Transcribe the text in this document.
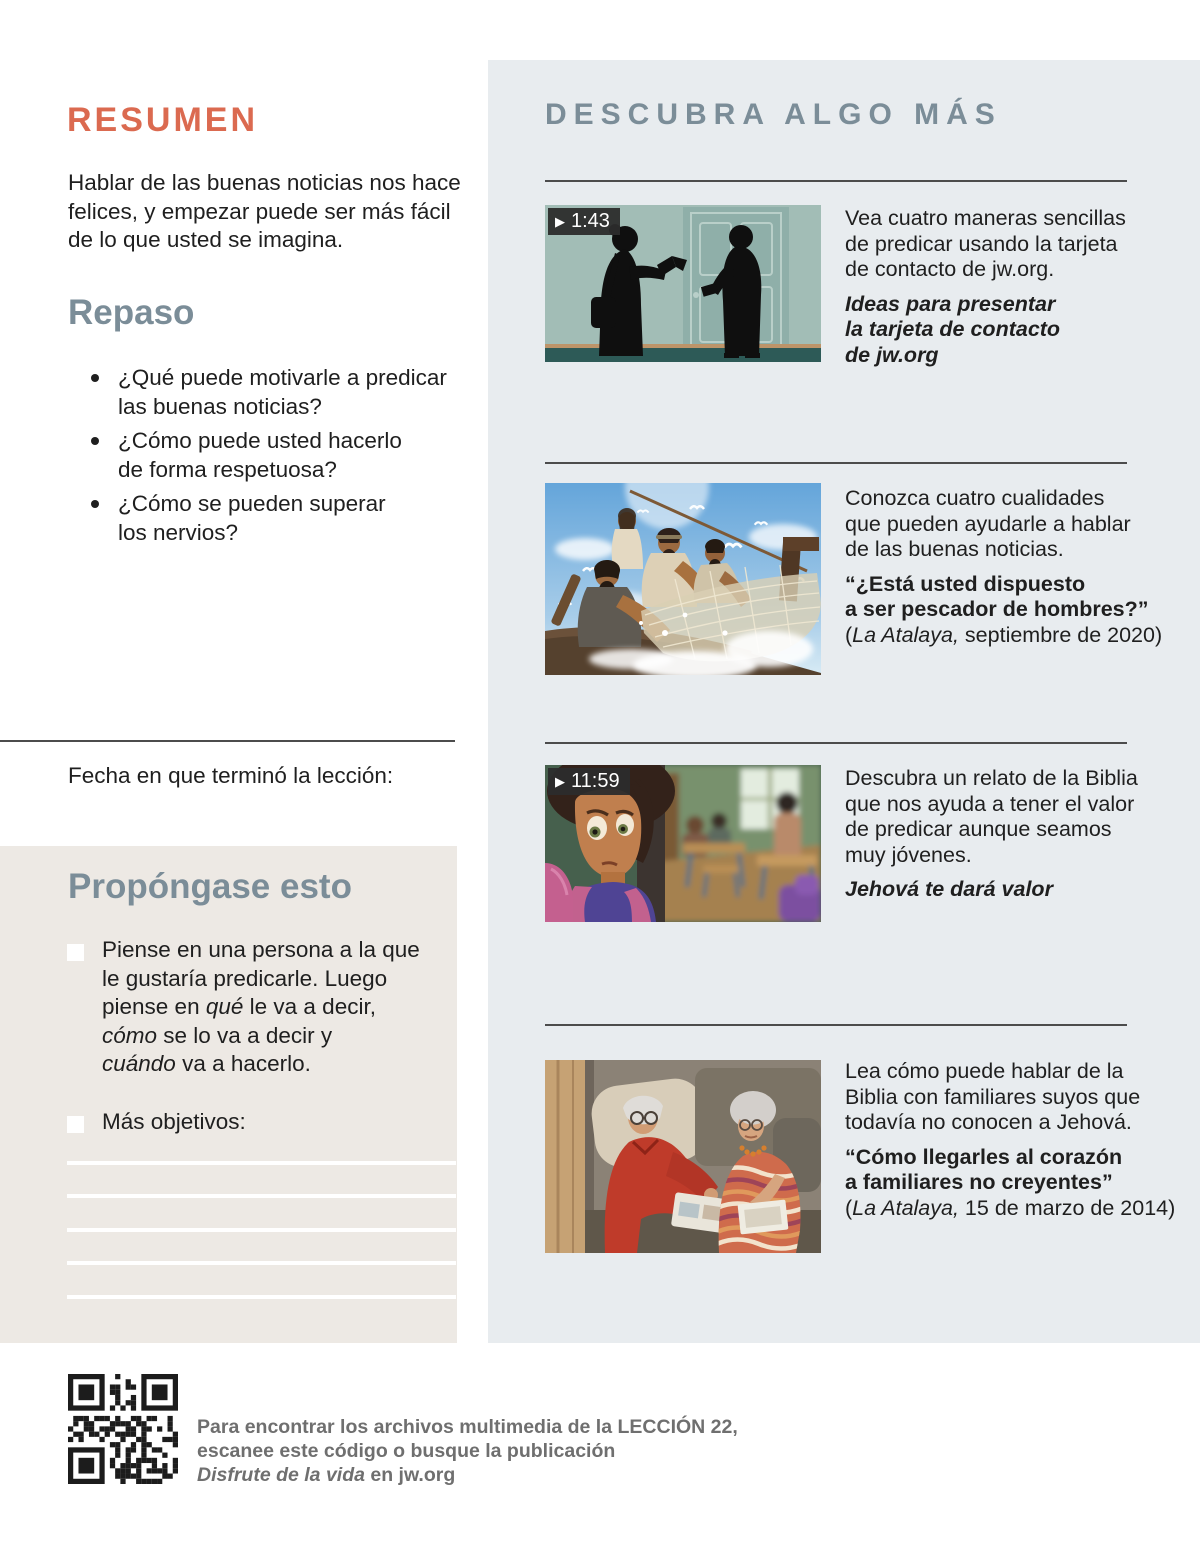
RESUMEN

Hablar de las buenas noticias nos hace
felices, y empezar puede ser más fácil
de lo que usted se imagina.

Repaso
¿Qué puede motivarle a predicar
las buenas noticias?
¿Cómo puede usted hacerlo
de forma respetuosa?
¿Cómo se pueden superar
los nervios?

Fecha en que terminó la lección:

Propóngase esto

Piense en una persona a la que
le gustaría predicarle. Luego
piense en qué le va a decir,
cómo se lo va a decir y
cuándo va a hacerlo.

Más objetivos:

DESCUBRA ALGO MÁS
▶ 1:43	Vea cuatro maneras sencillas
de predicar usando la tarjeta
de contacto de jw.org.
Ideas para presentar
la tarjeta de contacto
de jw.org
Conozca cuatro cualidades
que pueden ayudarle a hablar
de las buenas noticias.
“¿Está usted dispuesto
a ser pescador de hombres?”
(La Atalaya, septiembre de 2020)
▶ 11:59	Descubra un relato de la Biblia
que nos ayuda a tener el valor
de predicar aunque seamos
muy jóvenes.
Jehová te dará valor
Lea cómo puede hablar de la
Biblia con familiares suyos que
todavía no conocen a Jehová.
“Cómo llegarles al corazón
a familiares no creyentes”
(La Atalaya, 15 de marzo de 2014)

Para encontrar los archivos multimedia de la LECCIÓN 22,
escanee este código o busque la publicación
Disfrute de la vida en jw.org
